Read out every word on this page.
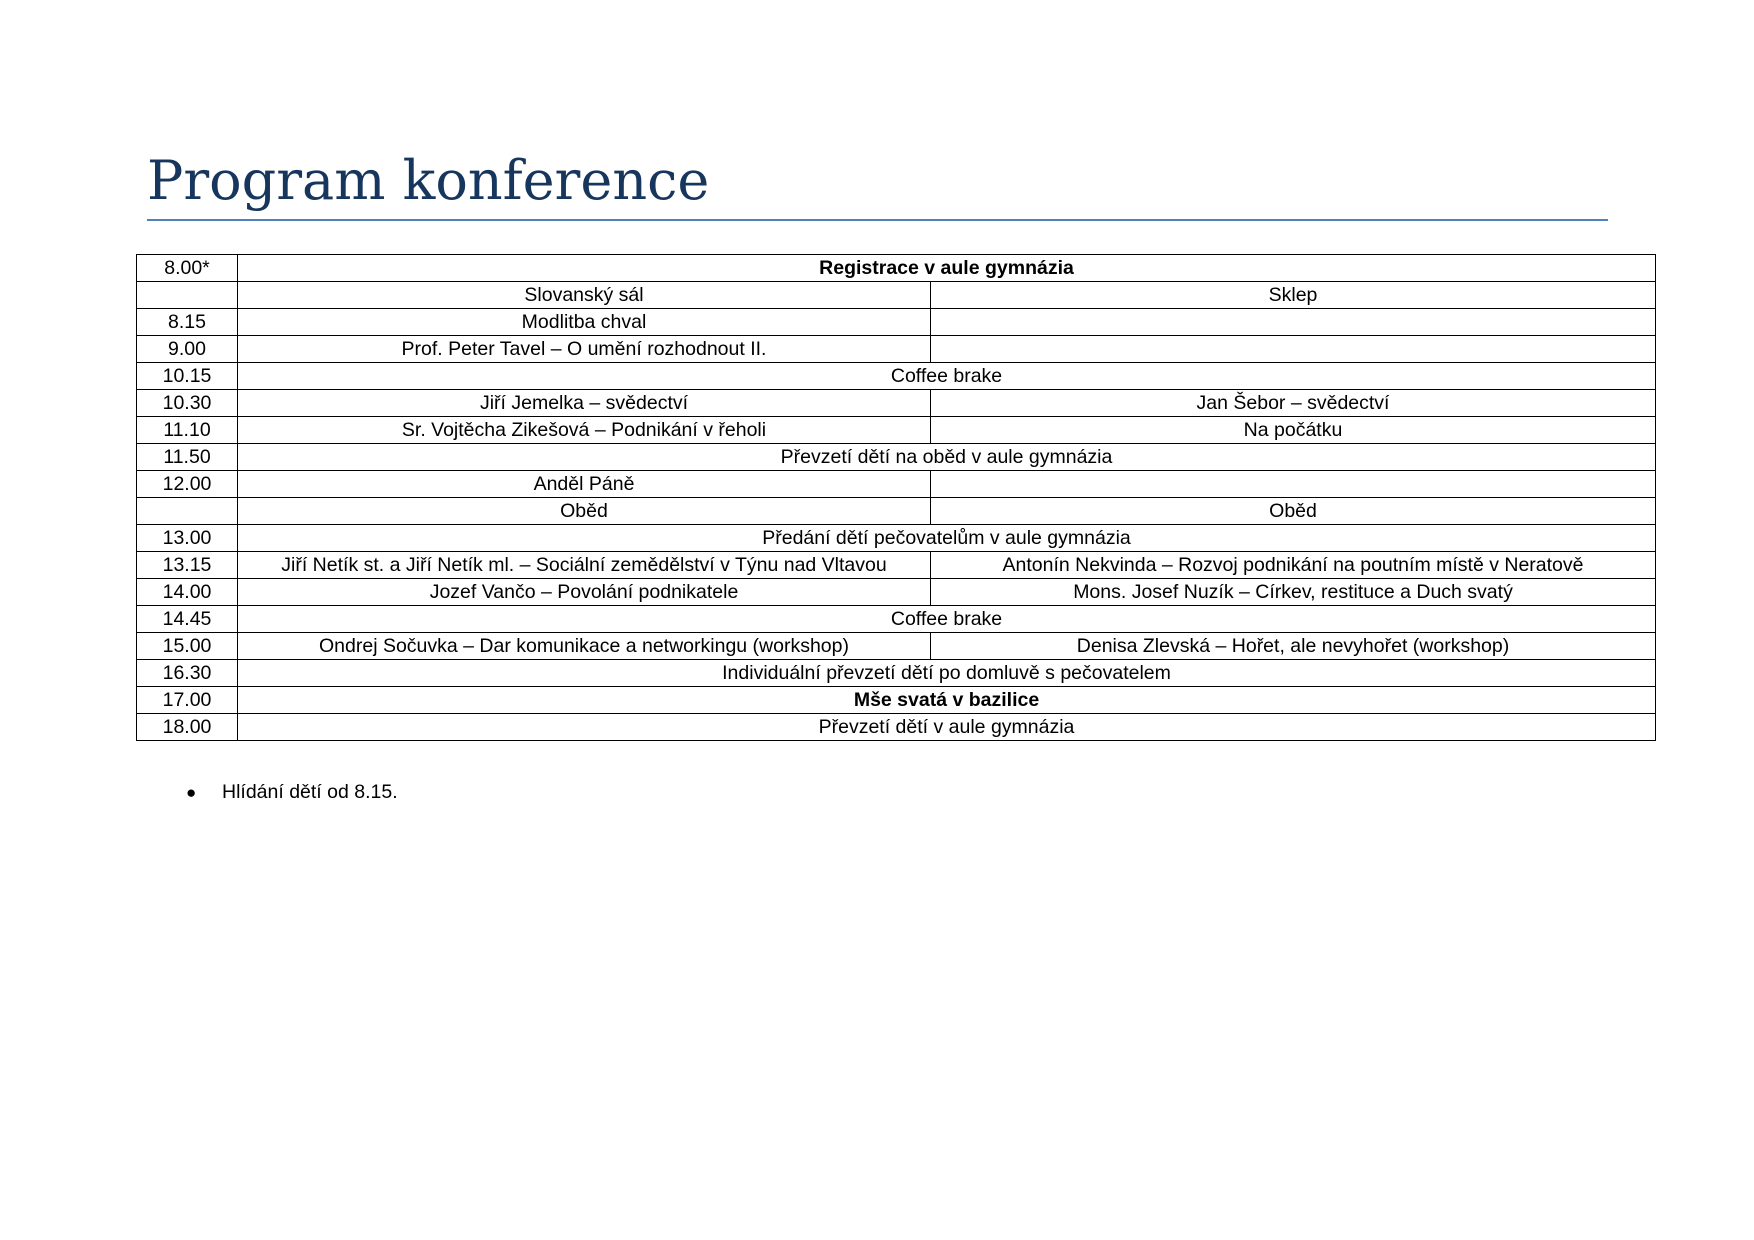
Program konference
8.00*	Registrace v aule gymnázia	
	Slovanský sál	Sklep
8.15	Modlitba chval	
9.00	Prof. Peter Tavel – O umění rozhodnout II.	
10.15	Coffee brake	
10.30	Jiří Jemelka – svědectví	Jan Šebor – svědectví
11.10	Sr. Vojtěcha Zikešová – Podnikání v řeholi	Na počátku
11.50	Převzetí dětí na oběd v aule gymnázia	
12.00	Anděl Páně	
	Oběd	Oběd
13.00	Předání dětí pečovatelům v aule gymnázia	
13.15	Jiří Netík st. a Jiří Netík ml. – Sociální zemědělství v Týnu nad Vltavou	Antonín Nekvinda – Rozvoj podnikání na poutním místě v Neratově
14.00	Jozef Vančo – Povolání podnikatele	Mons. Josef Nuzík – Církev, restituce a Duch svatý
14.45	Coffee brake	
15.00	Ondrej Sočuvka – Dar komunikace a networkingu (workshop)	Denisa Zlevská – Hořet, ale nevyhořet (workshop)
16.30	Individuální převzetí dětí po domluvě s pečovatelem	
17.00	Mše svatá v bazilice	
18.00	Převzetí dětí v aule gymnázia	
● Hlídání dětí od 8.15.
